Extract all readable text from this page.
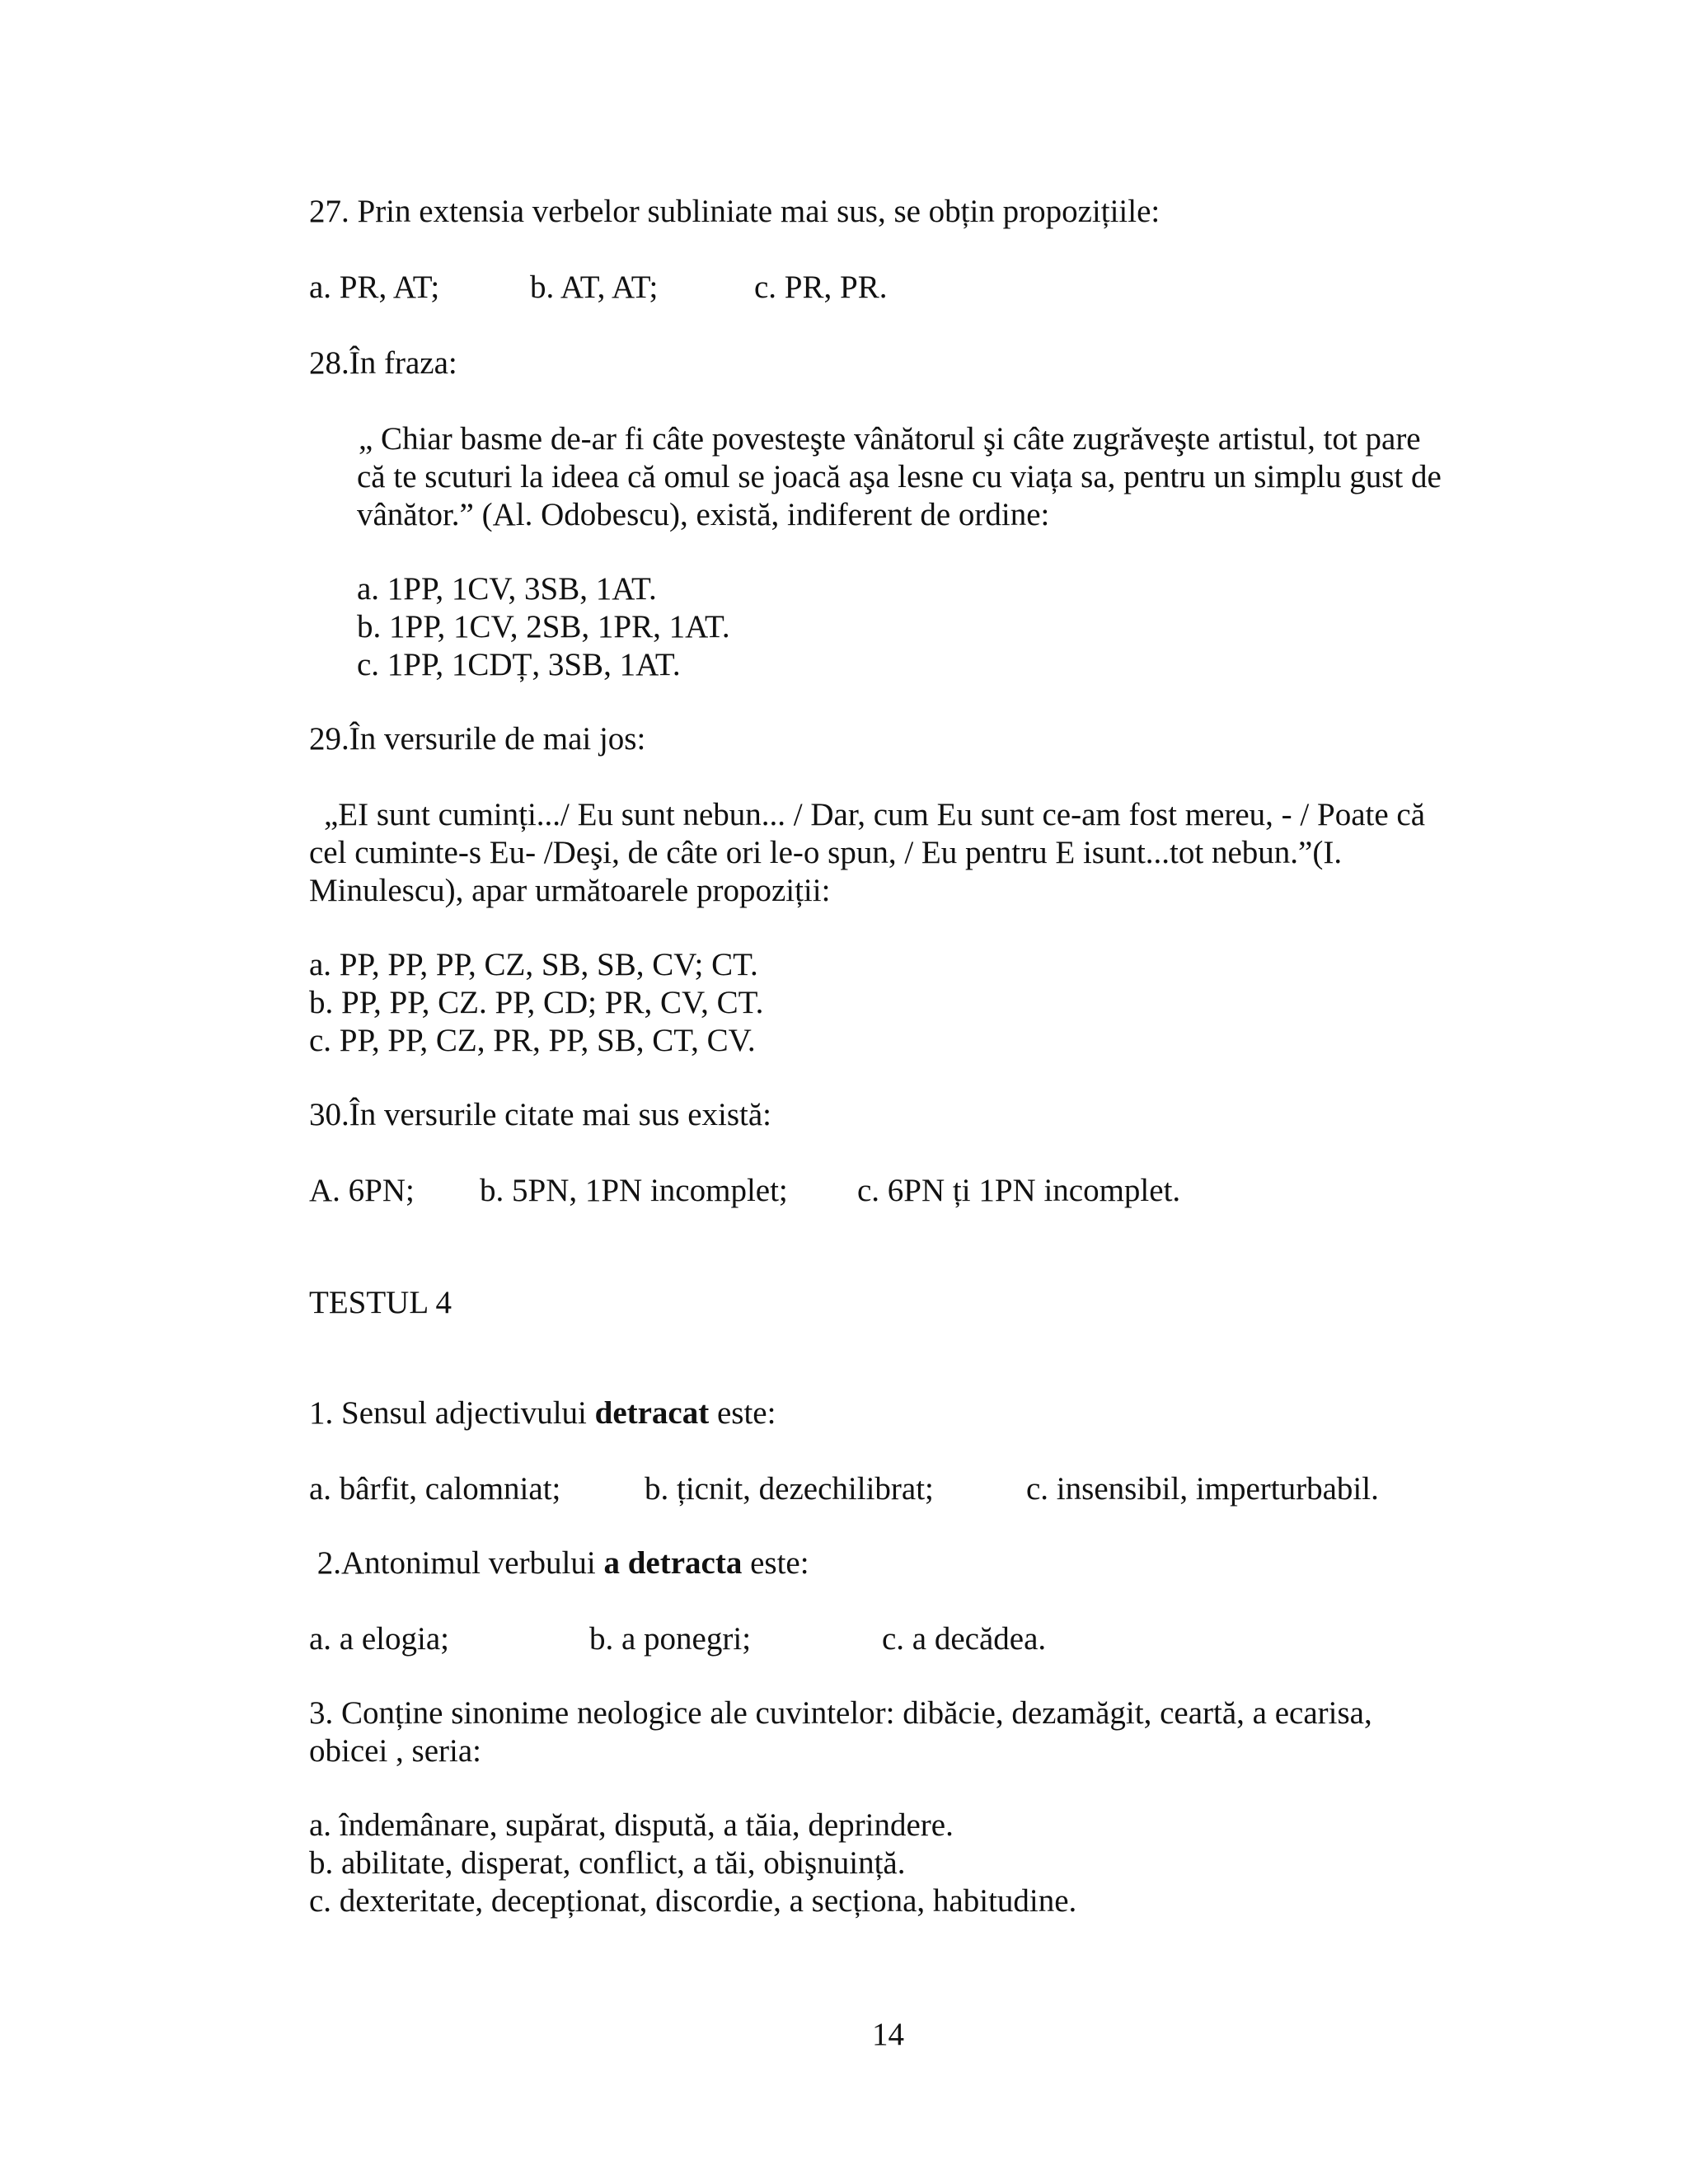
27. Prin extensia verbelor subliniate mai sus, se obțin propozițiile:
a. PR, AT;	b. AT, AT;	c. PR, PR.
28.În fraza:
„ Chiar basme de-ar fi câte povesteşte vânătorul şi câte zugrăveşte artistul, tot pare
că te scuturi la ideea că omul se joacă aşa lesne cu viața sa, pentru un simplu gust de
vânător.” (Al. Odobescu), există, indiferent de ordine:
a. 1PP, 1CV, 3SB, 1AT.
b. 1PP, 1CV, 2SB, 1PR, 1AT.
c. 1PP, 1CDȚ, 3SB, 1AT.
29.În versurile de mai jos:
„EI sunt cuminți.../ Eu sunt nebun... / Dar, cum Eu sunt ce-am fost mereu, - / Poate că
cel cuminte-s Eu- /Deşi, de câte ori le-o spun, / Eu pentru E isunt...tot nebun.”(I.
Minulescu), apar următoarele propoziții:
a. PP, PP, PP, CZ, SB, SB, CV; CT.
b. PP, PP, CZ. PP, CD; PR, CV, CT.
c. PP, PP, CZ, PR, PP, SB, CT, CV.
30.În versurile citate mai sus există:
A. 6PN; b. 5PN, 1PN incomplet; c. 6PN ți 1PN incomplet.
TESTUL 4
1. Sensul adjectivului detracat este:
a. bârfit, calomniat;	b. țicnit, dezechilibrat;	c. insensibil, imperturbabil.
2.Antonimul verbului a detracta este:
a. a elogia;	b. a ponegri;	c. a decădea.
3. Conține sinonime neologice ale cuvintelor: dibăcie, dezamăgit, ceartă, a ecarisa,
obicei , seria:
a. îndemânare, supărat, dispută, a tăia, deprindere.
b. abilitate, disperat, conflict, a tăi, obişnuință.
c. dexteritate, decepționat, discordie, a secționa, habitudine.
14
